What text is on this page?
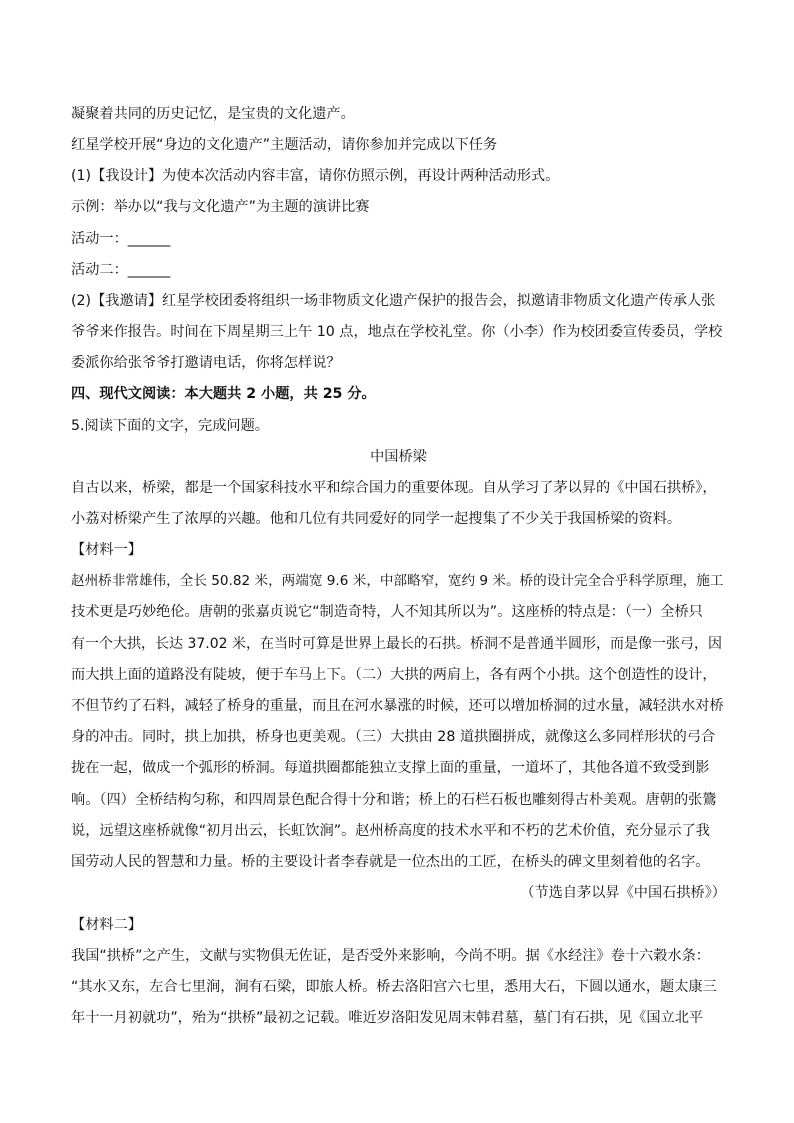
凝聚着共同的历史记忆，是宝贵的文化遗产。
红星学校开展“身边的文化遗产”主题活动，请你参加并完成以下任务
(1)【我设计】为使本次活动内容丰富，请你仿照示例，再设计两种活动形式。
示例：举办以“我与文化遗产”为主题的演讲比赛
活动一：______
活动二：______
(2)【我邀请】红星学校团委将组织一场非物质文化遗产保护的报告会，拟邀请非物质文化遗产传承人张
爷爷来作报告。时间在下周星期三上午 10 点，地点在学校礼堂。你（小李）作为校团委宣传委员，学校
委派你给张爷爷打邀请电话，你将怎样说？
四、现代文阅读：本大题共 2 小题，共 25 分。
5.阅读下面的文字，完成问题。
中国桥梁
自古以来，桥梁，都是一个国家科技水平和综合国力的重要体现。自从学习了茅以昇的《中国石拱桥》，
小荔对桥梁产生了浓厚的兴趣。他和几位有共同爱好的同学一起搜集了不少关于我国桥梁的资料。
【材料一】
赵州桥非常雄伟，全长 50.82 米，两端宽 9.6 米，中部略窄，宽约 9 米。桥的设计完全合乎科学原理，施工
技术更是巧妙绝伦。唐朝的张嘉贞说它“制造奇特，人不知其所以为”。这座桥的特点是：（一）全桥只
有一个大拱，长达 37.02 米，在当时可算是世界上最长的石拱。桥洞不是普通半圆形，而是像一张弓，因
而大拱上面的道路没有陡坡，便于车马上下。（二）大拱的两肩上，各有两个小拱。这个创造性的设计，
不但节约了石料，减轻了桥身的重量，而且在河水暴涨的时候，还可以增加桥洞的过水量，减轻洪水对桥
身的冲击。同时，拱上加拱，桥身也更美观。（三）大拱由 28 道拱圈拼成，就像这么多同样形状的弓合
拢在一起，做成一个弧形的桥洞。每道拱圈都能独立支撑上面的重量，一道坏了，其他各道不致受到影
响。（四）全桥结构匀称，和四周景色配合得十分和谐；桥上的石栏石板也雕刻得古朴美观。唐朝的张鷟
说，远望这座桥就像“初月出云，长虹饮涧”。赵州桥高度的技术水平和不朽的艺术价值，充分显示了我
国劳动人民的智慧和力量。桥的主要设计者李春就是一位杰出的工匠，在桥头的碑文里刻着他的名字。
（节选自茅以昇《中国石拱桥》）
【材料二】
我国“拱桥”之产生，文献与实物俱无佐证，是否受外来影响，今尚不明。据《水经注》卷十六穀水条：
“其水又东，左合七里涧，涧有石梁，即旅人桥。桥去洛阳宫六七里，悉用大石，下圆以通水，题太康三
年十一月初就功”，殆为“拱桥”最初之记载。唯近岁洛阳发见周末韩君墓，墓门有石拱，见《国立北平
